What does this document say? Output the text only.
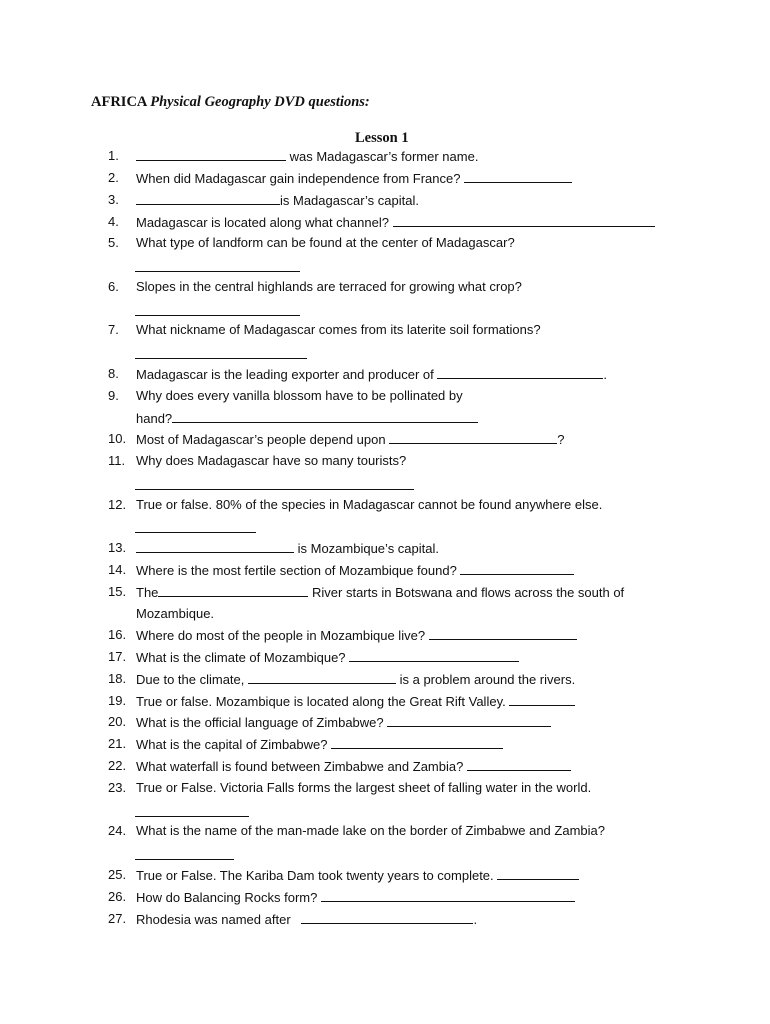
AFRICA Physical Geography DVD questions:
Lesson 1
1.	was Madagascar’s former name.
2.	When did Madagascar gain independence from France?
3.	is Madagascar’s capital.
4.	Madagascar is located along what channel?
5.	What type of landform can be found at the center of Madagascar?
6.	Slopes in the central highlands are terraced for growing what crop?
7.	What nickname of Madagascar comes from its laterite soil formations?
8.	Madagascar is the leading exporter and producer of	.
9.	Why does every vanilla blossom have to be pollinated by
hand?
10. Most of Madagascar’s people depend upon	?
11. Why does Madagascar have so many tourists?
12. True or false. 80% of the species in Madagascar cannot be found anywhere else.
13.	is Mozambique’s capital.
14. Where is the most fertile section of Mozambique found?
15. The	River starts in Botswana and flows across the south of
Mozambique.
16. Where do most of the people in Mozambique live?
17. What is the climate of Mozambique?
18. Due to the climate,	is a problem around the rivers.
19. True or false. Mozambique is located along the Great Rift Valley.
20. What is the official language of Zimbabwe?
21. What is the capital of Zimbabwe?
22. What waterfall is found between Zimbabwe and Zambia?
23. True or False. Victoria Falls forms the largest sheet of falling water in the world.
24. What is the name of the man-made lake on the border of Zimbabwe and Zambia?
25. True or False. The Kariba Dam took twenty years to complete.
26. How do Balancing Rocks form?
27. Rhodesia was named after	.
